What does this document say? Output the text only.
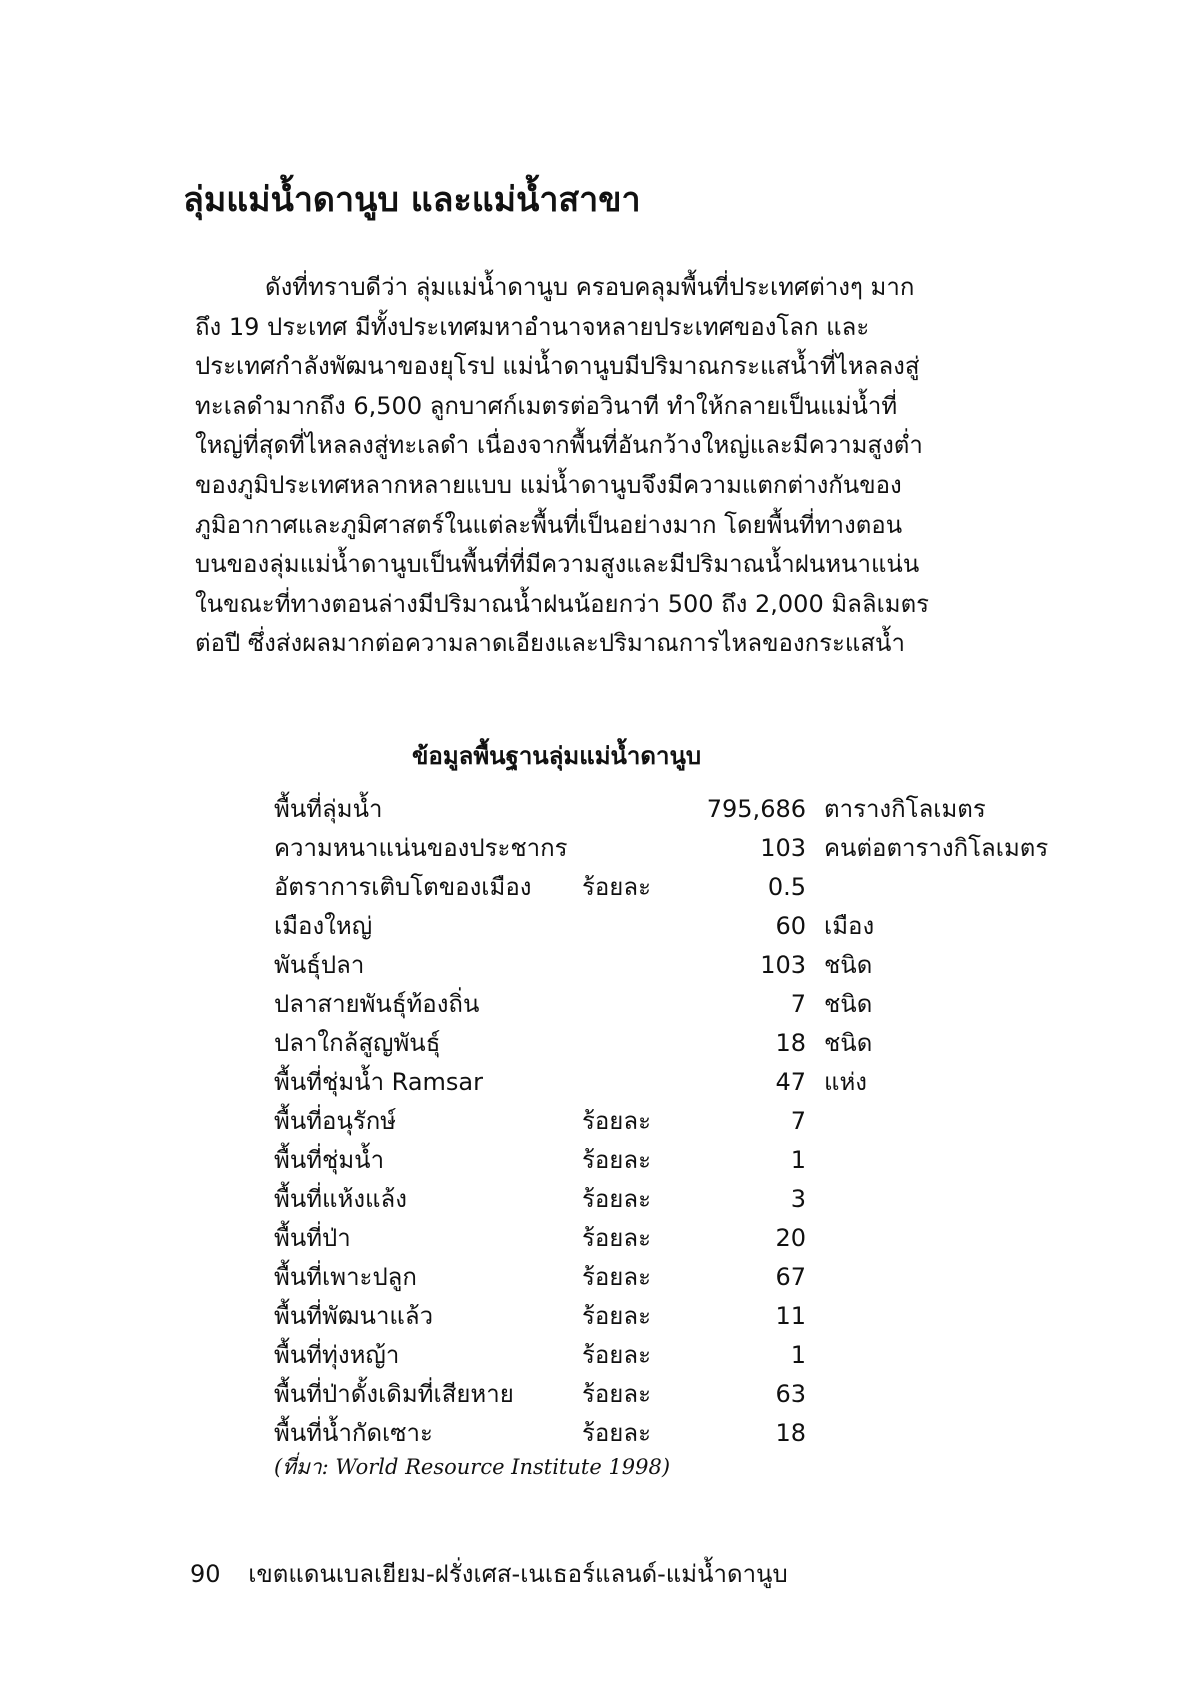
ลุ่มแม่น้ำดานูบ และแม่น้ำสาขา
ดังที่ทราบดีว่า ลุ่มแม่น้ำดานูบ ครอบคลุมพื้นที่ประเทศต่างๆ มาก
ถึง 19 ประเทศ มีทั้งประเทศมหาอำนาจหลายประเทศของโลก และ
ประเทศกำลังพัฒนาของยุโรป แม่น้ำดานูบมีปริมาณกระแสน้ำที่ไหลลงสู่
ทะเลดำมากถึง 6,500 ลูกบาศก์เมตรต่อวินาที ทำให้กลายเป็นแม่น้ำที่
ใหญ่ที่สุดที่ไหลลงสู่ทะเลดำ เนื่องจากพื้นที่อันกว้างใหญ่และมีความสูงต่ำ
ของภูมิประเทศหลากหลายแบบ แม่น้ำดานูบจึงมีความแตกต่างกันของ
ภูมิอากาศและภูมิศาสตร์ในแต่ละพื้นที่เป็นอย่างมาก โดยพื้นที่ทางตอน
บนของลุ่มแม่น้ำดานูบเป็นพื้นที่ที่มีความสูงและมีปริมาณน้ำฝนหนาแน่น
ในขณะที่ทางตอนล่างมีปริมาณน้ำฝนน้อยกว่า 500 ถึง 2,000 มิลลิเมตร
ต่อปี ซึ่งส่งผลมากต่อความลาดเอียงและปริมาณการไหลของกระแสน้ำ
ข้อมูลพื้นฐานลุ่มแม่น้ำดานูบ
พื้นที่ลุ่มน้ำ		795,686	ตารางกิโลเมตร
ความหนาแน่นของประชากร		103	คนต่อตารางกิโลเมตร
อัตราการเติบโตของเมือง	ร้อยละ	0.5	
เมืองใหญ่		60	เมือง
พันธุ์ปลา		103	ชนิด
ปลาสายพันธุ์ท้องถิ่น		7	ชนิด
ปลาใกล้สูญพันธุ์		18	ชนิด
พื้นที่ชุ่มน้ำ Ramsar		47	แห่ง
พื้นที่อนุรักษ์	ร้อยละ	7	
พื้นที่ชุ่มน้ำ	ร้อยละ	1	
พื้นที่แห้งแล้ง	ร้อยละ	3	
พื้นที่ป่า	ร้อยละ	20	
พื้นที่เพาะปลูก	ร้อยละ	67	
พื้นที่พัฒนาแล้ว	ร้อยละ	11	
พื้นที่ทุ่งหญ้า	ร้อยละ	1	
พื้นที่ป่าดั้งเดิมที่เสียหาย	ร้อยละ	63	
พื้นที่น้ำกัดเซาะ	ร้อยละ	18	
(ที่มา: World Resource Institute 1998)
90 เขตแดนเบลเยียม-ฝรั่งเศส-เนเธอร์แลนด์-แม่น้ำดานูบ
